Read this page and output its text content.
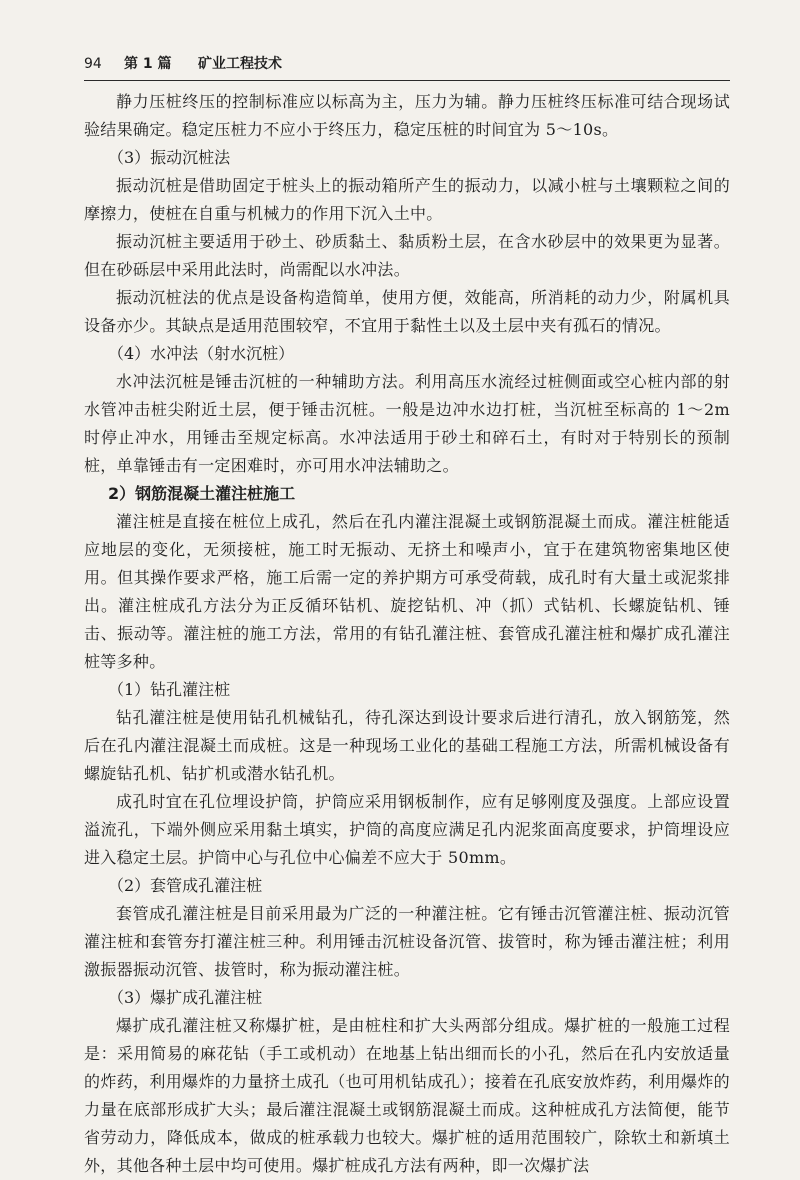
94 第 1 篇 矿业工程技术

静力压桩终压的控制标准应以标高为主，压力为辅。静力压桩终压标准可结合现场试验结果确定。稳定压桩力不应小于终压力，稳定压桩的时间宜为 5～10s。

（3）振动沉桩法

振动沉桩是借助固定于桩头上的振动箱所产生的振动力，以减小桩与土壤颗粒之间的摩擦力，使桩在自重与机械力的作用下沉入土中。

振动沉桩主要适用于砂土、砂质黏土、黏质粉土层，在含水砂层中的效果更为显著。但在砂砾层中采用此法时，尚需配以水冲法。

振动沉桩法的优点是设备构造简单，使用方便，效能高，所消耗的动力少，附属机具设备亦少。其缺点是适用范围较窄，不宜用于黏性土以及土层中夹有孤石的情况。

（4）水冲法（射水沉桩）

水冲法沉桩是锤击沉桩的一种辅助方法。利用高压水流经过桩侧面或空心桩内部的射水管冲击桩尖附近土层，便于锤击沉桩。一般是边冲水边打桩，当沉桩至标高的 1～2m 时停止冲水，用锤击至规定标高。水冲法适用于砂土和碎石土，有时对于特别长的预制桩，单靠锤击有一定困难时，亦可用水冲法辅助之。

2）钢筋混凝土灌注桩施工

灌注桩是直接在桩位上成孔，然后在孔内灌注混凝土或钢筋混凝土而成。灌注桩能适应地层的变化，无须接桩，施工时无振动、无挤土和噪声小，宜于在建筑物密集地区使用。但其操作要求严格，施工后需一定的养护期方可承受荷载，成孔时有大量土或泥浆排出。灌注桩成孔方法分为正反循环钻机、旋挖钻机、冲（抓）式钻机、长螺旋钻机、锤击、振动等。灌注桩的施工方法，常用的有钻孔灌注桩、套管成孔灌注桩和爆扩成孔灌注桩等多种。

（1）钻孔灌注桩

钻孔灌注桩是使用钻孔机械钻孔，待孔深达到设计要求后进行清孔，放入钢筋笼，然后在孔内灌注混凝土而成桩。这是一种现场工业化的基础工程施工方法，所需机械设备有螺旋钻孔机、钻扩机或潜水钻孔机。

成孔时宜在孔位埋设护筒，护筒应采用钢板制作，应有足够刚度及强度。上部应设置溢流孔，下端外侧应采用黏土填实，护筒的高度应满足孔内泥浆面高度要求，护筒埋设应进入稳定土层。护筒中心与孔位中心偏差不应大于 50mm。

（2）套管成孔灌注桩

套管成孔灌注桩是目前采用最为广泛的一种灌注桩。它有锤击沉管灌注桩、振动沉管灌注桩和套管夯打灌注桩三种。利用锤击沉桩设备沉管、拔管时，称为锤击灌注桩；利用激振器振动沉管、拔管时，称为振动灌注桩。

（3）爆扩成孔灌注桩

爆扩成孔灌注桩又称爆扩桩，是由桩柱和扩大头两部分组成。爆扩桩的一般施工过程是：采用简易的麻花钻（手工或机动）在地基上钻出细而长的小孔，然后在孔内安放适量的炸药，利用爆炸的力量挤土成孔（也可用机钻成孔）；接着在孔底安放炸药，利用爆炸的力量在底部形成扩大头；最后灌注混凝土或钢筋混凝土而成。这种桩成孔方法简便，能节省劳动力，降低成本，做成的桩承载力也较大。爆扩桩的适用范围较广，除软土和新填土外，其他各种土层中均可使用。爆扩桩成孔方法有两种，即一次爆扩法
